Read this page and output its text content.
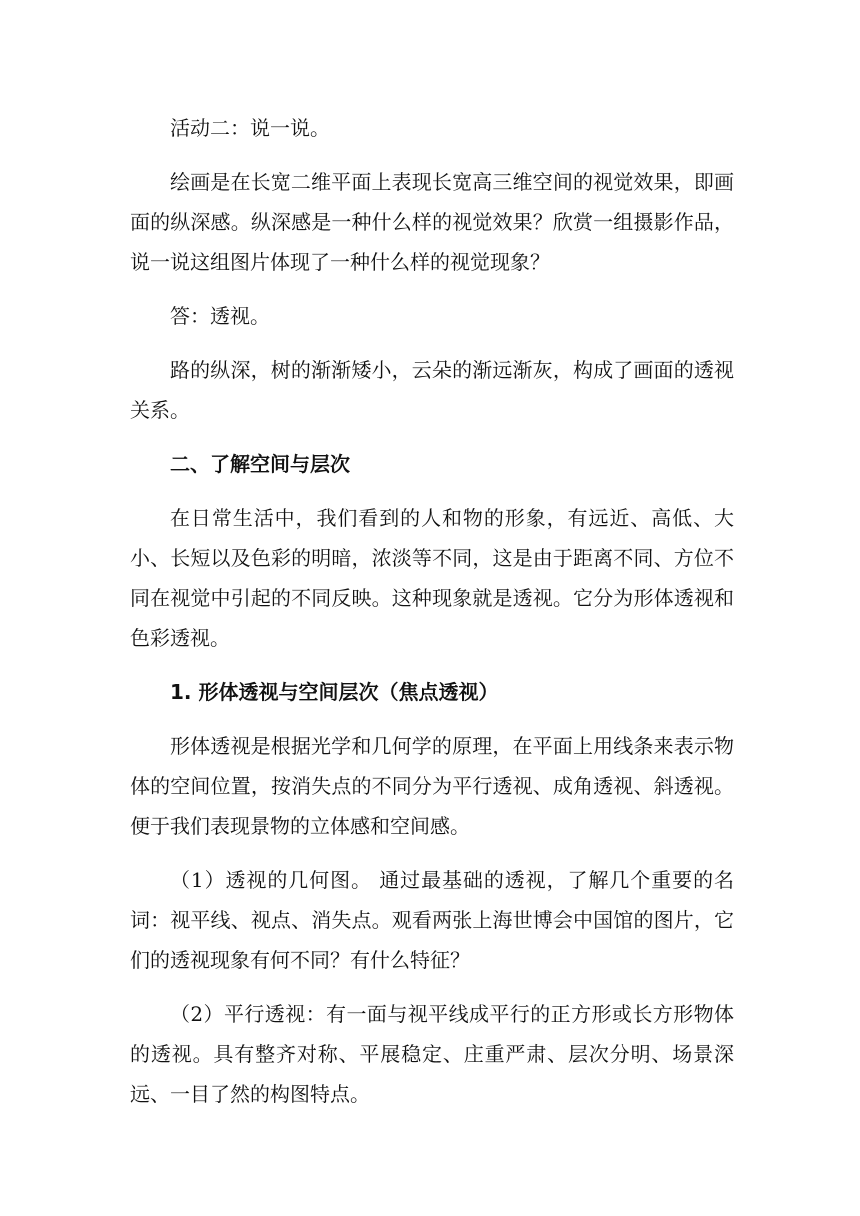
活动二：说一说。

绘画是在长宽二维平面上表现长宽高三维空间的视觉效果，即画面的纵深感。纵深感是一种什么样的视觉效果？欣赏一组摄影作品，说一说这组图片体现了一种什么样的视觉现象？

答：透视。

路的纵深，树的渐渐矮小，云朵的渐远渐灰，构成了画面的透视关系。

二、了解空间与层次

在日常生活中，我们看到的人和物的形象，有远近、高低、大小、长短以及色彩的明暗，浓淡等不同，这是由于距离不同、方位不同在视觉中引起的不同反映。这种现象就是透视。它分为形体透视和色彩透视。

1. 形体透视与空间层次（焦点透视）

形体透视是根据光学和几何学的原理，在平面上用线条来表示物体的空间位置，按消失点的不同分为平行透视、成角透视、斜透视。便于我们表现景物的立体感和空间感。

（1）透视的几何图。 通过最基础的透视，了解几个重要的名词：视平线、视点、消失点。观看两张上海世博会中国馆的图片，它们的透视现象有何不同？有什么特征？

（2）平行透视：有一面与视平线成平行的正方形或长方形物体的透视。具有整齐对称、平展稳定、庄重严肃、层次分明、场景深远、一目了然的构图特点。
